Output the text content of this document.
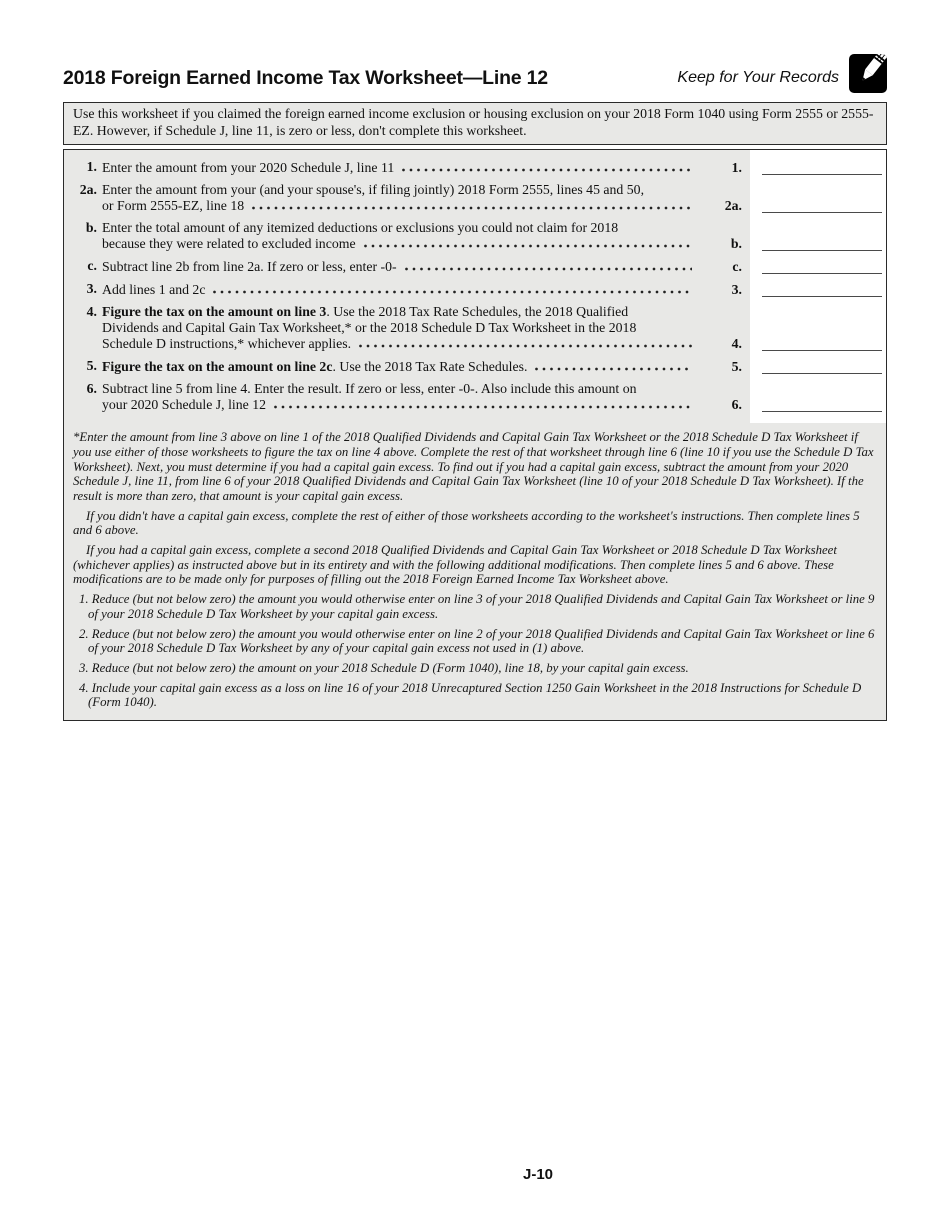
2018 Foreign Earned Income Tax Worksheet—Line 12	Keep for Your Records
Use this worksheet if you claimed the foreign earned income exclusion or housing exclusion on your 2018 Form 1040 using Form 2555 or 2555-EZ. However, if Schedule J, line 11, is zero or less, don't complete this worksheet.
1. Enter the amount from your 2020 Schedule J, line 11	1.
2a. Enter the amount from your (and your spouse's, if filing jointly) 2018 Form 2555, lines 45 and 50,
or Form 2555-EZ, line 18	2a.
b. Enter the total amount of any itemized deductions or exclusions you could not claim for 2018
because they were related to excluded income	b.
c. Subtract line 2b from line 2a. If zero or less, enter -0-	c.
3. Add lines 1 and 2c	3.
4. Figure the tax on the amount on line 3. Use the 2018 Tax Rate Schedules, the 2018 Qualified
Dividends and Capital Gain Tax Worksheet,* or the 2018 Schedule D Tax Worksheet in the 2018
Schedule D instructions,* whichever applies.	4.
5. Figure the tax on the amount on line 2c. Use the 2018 Tax Rate Schedules.	5.
6. Subtract line 5 from line 4. Enter the result. If zero or less, enter -0-. Also include this amount on
your 2020 Schedule J, line 12	6.
*Enter the amount from line 3 above on line 1 of the 2018 Qualified Dividends and Capital Gain Tax Worksheet or the 2018 Schedule D Tax Worksheet if you use either of those worksheets to figure the tax on line 4 above. Complete the rest of that worksheet through line 6 (line 10 if you use the Schedule D Tax Worksheet). Next, you must determine if you had a capital gain excess. To find out if you had a capital gain excess, subtract the amount from your 2020 Schedule J, line 11, from line 6 of your 2018 Qualified Dividends and Capital Gain Tax Worksheet (line 10 of your 2018 Schedule D Tax Worksheet). If the result is more than zero, that amount is your capital gain excess.
If you didn't have a capital gain excess, complete the rest of either of those worksheets according to the worksheet's instructions. Then complete lines 5 and 6 above.
If you had a capital gain excess, complete a second 2018 Qualified Dividends and Capital Gain Tax Worksheet or 2018 Schedule D Tax Worksheet (whichever applies) as instructed above but in its entirety and with the following additional modifications. Then complete lines 5 and 6 above. These modifications are to be made only for purposes of filling out the 2018 Foreign Earned Income Tax Worksheet above.
1. Reduce (but not below zero) the amount you would otherwise enter on line 3 of your 2018 Qualified Dividends and Capital Gain Tax Worksheet or line 9 of your 2018 Schedule D Tax Worksheet by your capital gain excess.
2. Reduce (but not below zero) the amount you would otherwise enter on line 2 of your 2018 Qualified Dividends and Capital Gain Tax Worksheet or line 6 of your 2018 Schedule D Tax Worksheet by any of your capital gain excess not used in (1) above.
3. Reduce (but not below zero) the amount on your 2018 Schedule D (Form 1040), line 18, by your capital gain excess.
4. Include your capital gain excess as a loss on line 16 of your 2018 Unrecaptured Section 1250 Gain Worksheet in the 2018 Instructions for Schedule D (Form 1040).
J-10
